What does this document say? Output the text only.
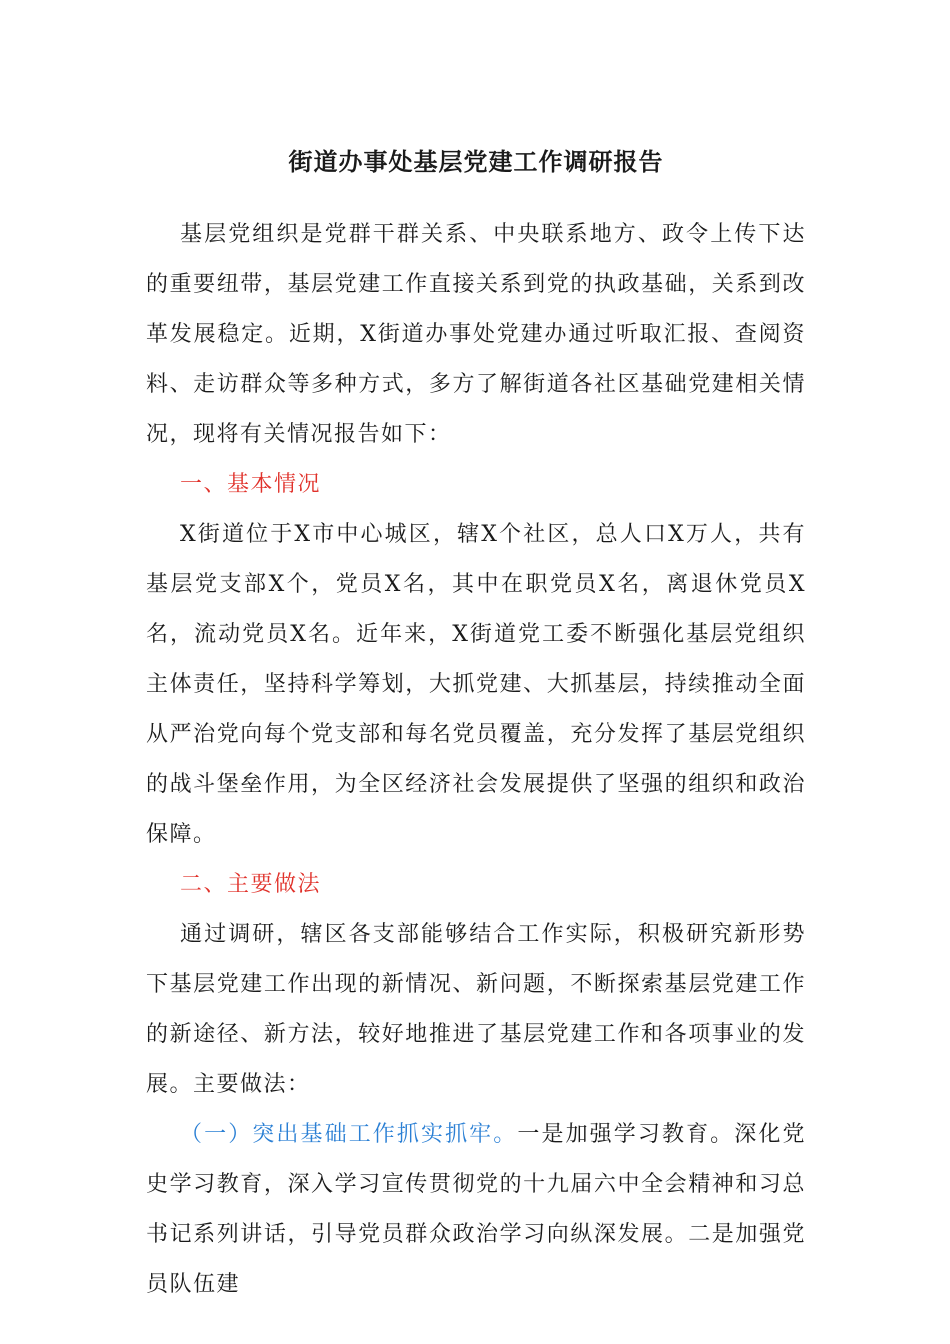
街道办事处基层党建工作调研报告

基层党组织是党群干群关系、中央联系地方、政令上传下达的重要纽带，基层党建工作直接关系到党的执政基础，关系到改革发展稳定。近期，X街道办事处党建办通过听取汇报、查阅资料、走访群众等多种方式，多方了解街道各社区基础党建相关情况，现将有关情况报告如下：

一、基本情况

X街道位于X市中心城区，辖X个社区，总人口X万人，共有基层党支部X个，党员X名，其中在职党员X名，离退休党员X名，流动党员X名。近年来，X街道党工委不断强化基层党组织主体责任，坚持科学筹划，大抓党建、大抓基层，持续推动全面从严治党向每个党支部和每名党员覆盖，充分发挥了基层党组织的战斗堡垒作用，为全区经济社会发展提供了坚强的组织和政治保障。

二、主要做法

通过调研，辖区各支部能够结合工作实际，积极研究新形势下基层党建工作出现的新情况、新问题，不断探索基层党建工作的新途径、新方法，较好地推进了基层党建工作和各项事业的发展。主要做法：

（一）突出基础工作抓实抓牢。一是加强学习教育。深化党史学习教育，深入学习宣传贯彻党的十九届六中全会精神和习总书记系列讲话，引导党员群众政治学习向纵深发展。二是加强党员队伍建
